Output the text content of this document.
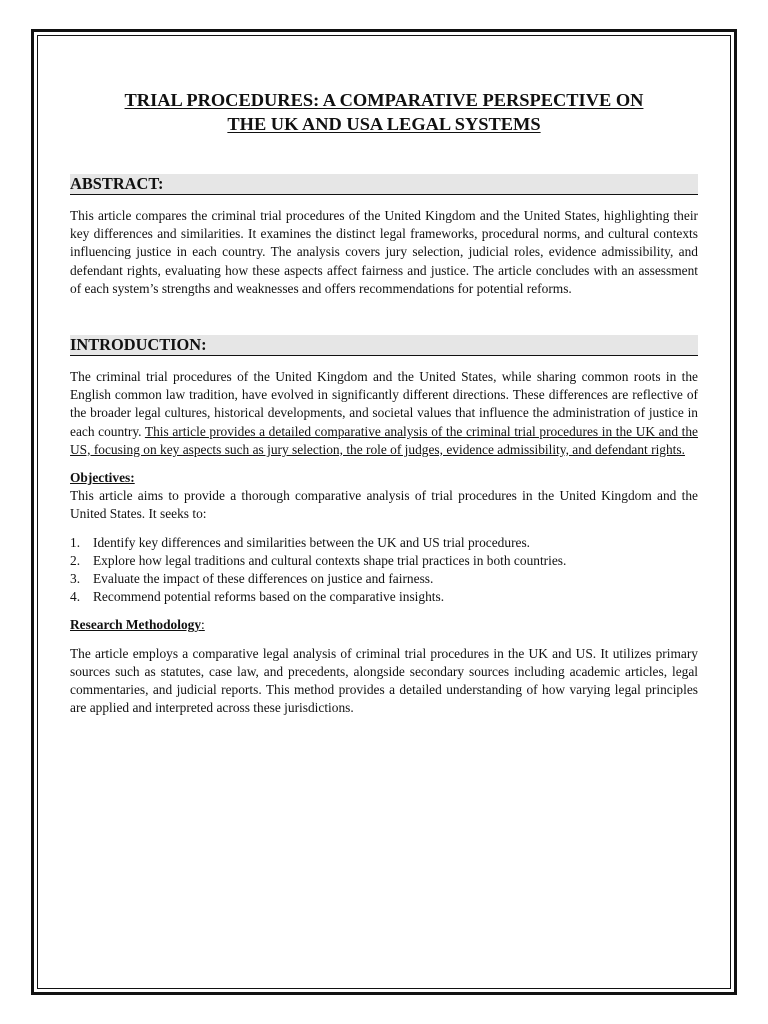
TRIAL PROCEDURES: A COMPARATIVE PERSPECTIVE ON
THE UK AND USA LEGAL SYSTEMS
ABSTRACT:

This article compares the criminal trial procedures of the United Kingdom and the United States, highlighting their key differences and similarities. It examines the distinct legal frameworks, procedural norms, and cultural contexts influencing justice in each country. The analysis covers jury selection, judicial roles, evidence admissibility, and defendant rights, evaluating how these aspects affect fairness and justice. The article concludes with an assessment of each system’s strengths and weaknesses and offers recommendations for potential reforms.

INTRODUCTION:

The criminal trial procedures of the United Kingdom and the United States, while sharing common roots in the English common law tradition, have evolved in significantly different directions. These differences are reflective of the broader legal cultures, historical developments, and societal values that influence the administration of justice in each country. This article provides a detailed comparative analysis of the criminal trial procedures in the UK and the US, focusing on key aspects such as jury selection, the role of judges, evidence admissibility, and defendant rights.

Objectives:

This article aims to provide a thorough comparative analysis of trial procedures in the United Kingdom and the United States. It seeks to:

1. Identify key differences and similarities between the UK and US trial procedures.
2. Explore how legal traditions and cultural contexts shape trial practices in both countries.
3. Evaluate the impact of these differences on justice and fairness.
4. Recommend potential reforms based on the comparative insights.
Research Methodology:

The article employs a comparative legal analysis of criminal trial procedures in the UK and US. It utilizes primary sources such as statutes, case law, and precedents, alongside secondary sources including academic articles, legal commentaries, and judicial reports. This method provides a detailed understanding of how varying legal principles are applied and interpreted across these jurisdictions.
